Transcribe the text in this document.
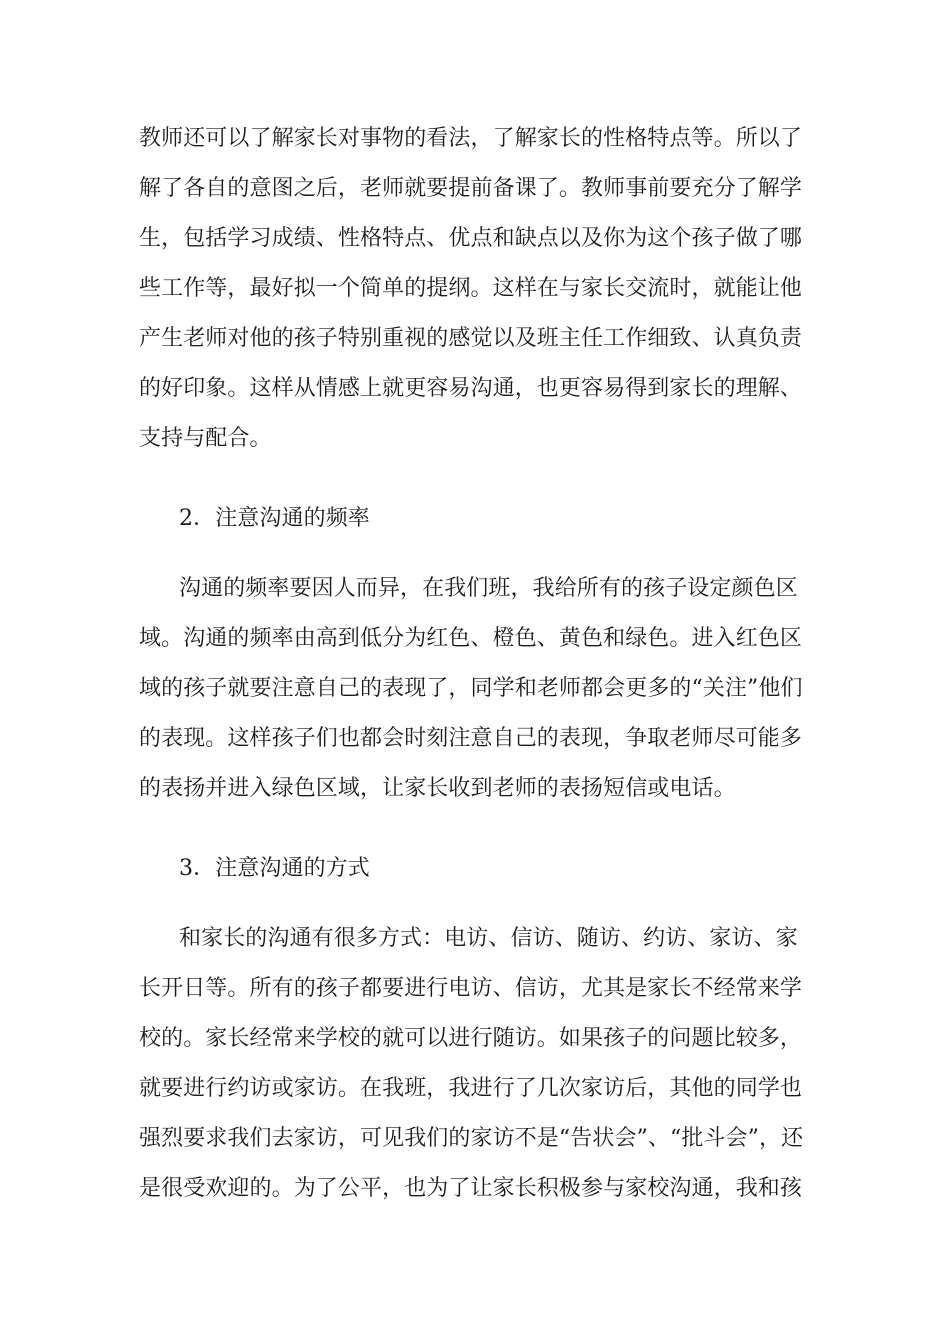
教师还可以了解家长对事物的看法，了解家长的性格特点等。所以了
解了各自的意图之后，老师就要提前备课了。教师事前要充分了解学
生，包括学习成绩、性格特点、优点和缺点以及你为这个孩子做了哪
些工作等，最好拟一个简单的提纲。这样在与家长交流时，就能让他
产生老师对他的孩子特别重视的感觉以及班主任工作细致、认真负责
的好印象。这样从情感上就更容易沟通，也更容易得到家长的理解、
支持与配合。
2．注意沟通的频率
沟通的频率要因人而异，在我们班，我给所有的孩子设定颜色区
域。沟通的频率由高到低分为红色、橙色、黄色和绿色。进入红色区
域的孩子就要注意自己的表现了，同学和老师都会更多的“关注”他们
的表现。这样孩子们也都会时刻注意自己的表现，争取老师尽可能多
的表扬并进入绿色区域，让家长收到老师的表扬短信或电话。
3．注意沟通的方式
和家长的沟通有很多方式：电访、信访、随访、约访、家访、家
长开日等。所有的孩子都要进行电访、信访，尤其是家长不经常来学
校的。家长经常来学校的就可以进行随访。如果孩子的问题比较多，
就要进行约访或家访。在我班，我进行了几次家访后，其他的同学也
强烈要求我们去家访，可见我们的家访不是“告状会”、“批斗会”，还
是很受欢迎的。为了公平，也为了让家长积极参与家校沟通，我和孩
